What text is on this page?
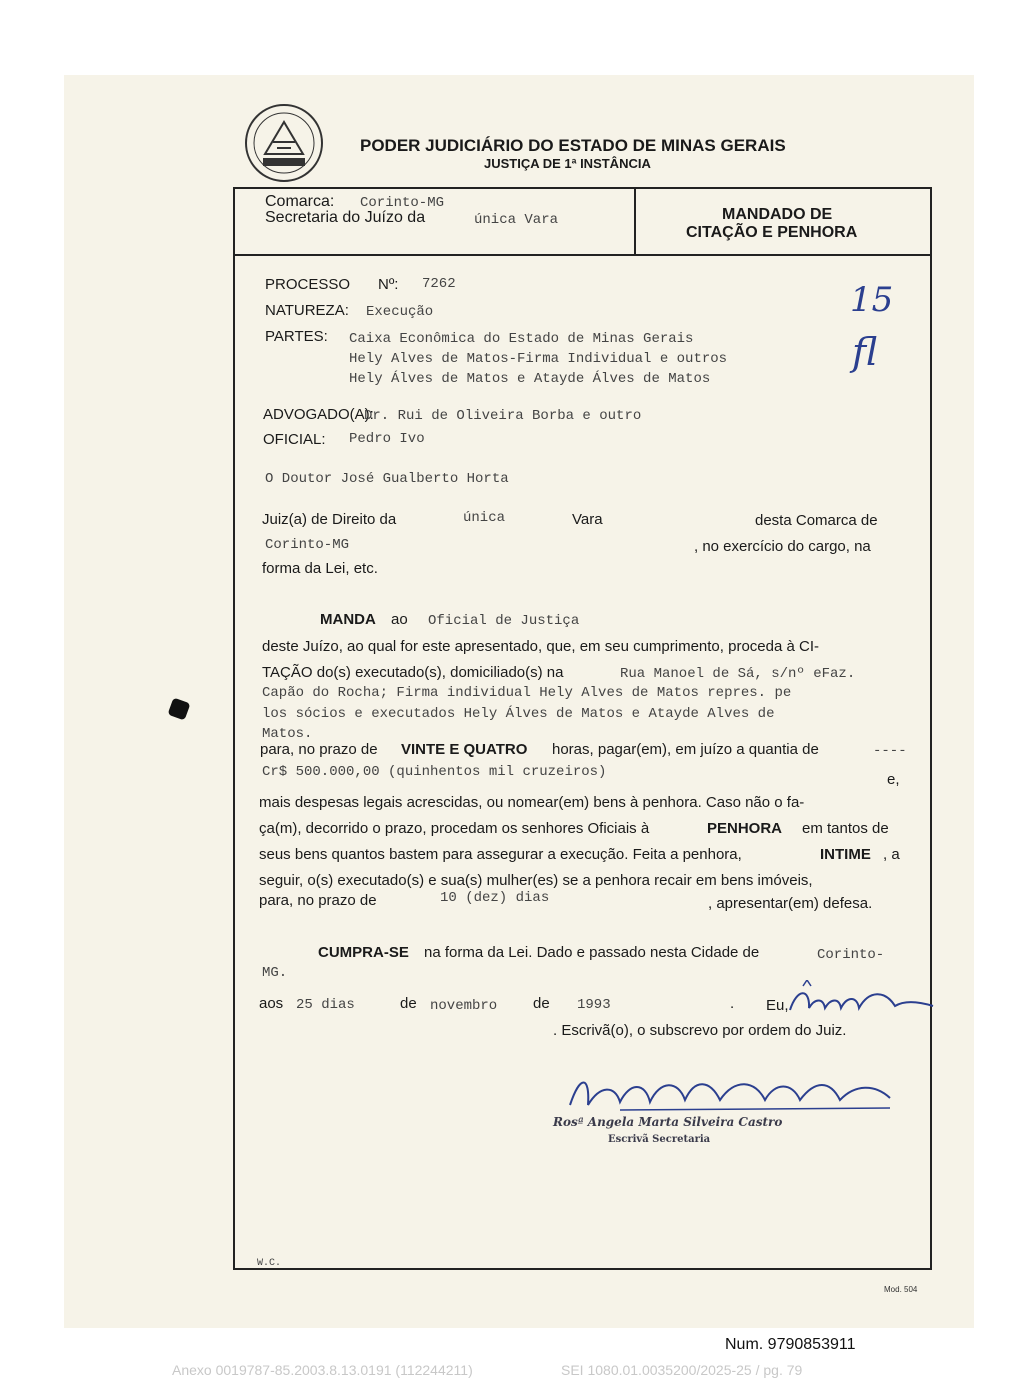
PODER JUDICIÁRIO DO ESTADO DE MINAS GERAIS
JUSTIÇA DE 1ª INSTÂNCIA
Comarca: Corinto-MG
Secretaria do Juízo da	única Vara	MANDADO DE
CITAÇÃO E PENHORA
PROCESSO Nº: 7262
NATUREZA: Execução
PARTES: Caixa Econômica do Estado de Minas Gerais
Hely Alves de Matos-Firma Individual e outros
Hely Álves de Matos e Atayde Álves de Matos
ADVOGADO(A):
Dr. Rui de Oliveira Borba e outro
OFICIAL: Pedro Ivo
15
fl
O Doutor José Gualberto Horta
Juiz(a) de Direito da	única	Vara	desta Comarca de
Corinto-MG	, no exercício do cargo, na
forma da Lei, etc.
MANDA ao Oficial de Justiça
deste Juízo, ao qual for este apresentado, que, em seu cumprimento, proceda à CI-
TAÇÃO do(s) executado(s), domiciliado(s) na	Rua Manoel de Sá, s/nº eFaz.
Capão do Rocha; Firma individual Hely Alves de Matos repres. pe
los sócios e executados Hely Álves de Matos e Atayde Alves de
Matos.
para, no prazo de VINTE E QUATRO horas, pagar(em), em juízo a quantia de	----
Cr$ 500.000,00 (quinhentos mil cruzeiros)	e,
mais despesas legais acrescidas, ou nomear(em) bens à penhora. Caso não o fa-
ça(m), decorrido o prazo, procedam os senhores Oficiais à	PENHORA em tantos de
seus bens quantos bastem para assegurar a execução. Feita a penhora,	INTIME , a
seguir, o(s) executado(s) e sua(s) mulher(es) se a penhora recair em bens imóveis,
para, no prazo de	10 (dez) dias	, apresentar(em) defesa.
CUMPRA-SE na forma da Lei. Dado e passado nesta Cidade de	Corinto-
MG.
aos 25 dias	de novembro de 1993	. Eu,
. Escrivã(o), o subscrevo por ordem do Juiz.
Rosª Angela Marta Silveira Castro
Escrivã Secretaria
W.C.
Mod. 504
Num. 9790853911
Anexo 0019787-85.2003.8.13.0191 (112244211)	SEI 1080.01.0035200/2025-25 / pg. 79
